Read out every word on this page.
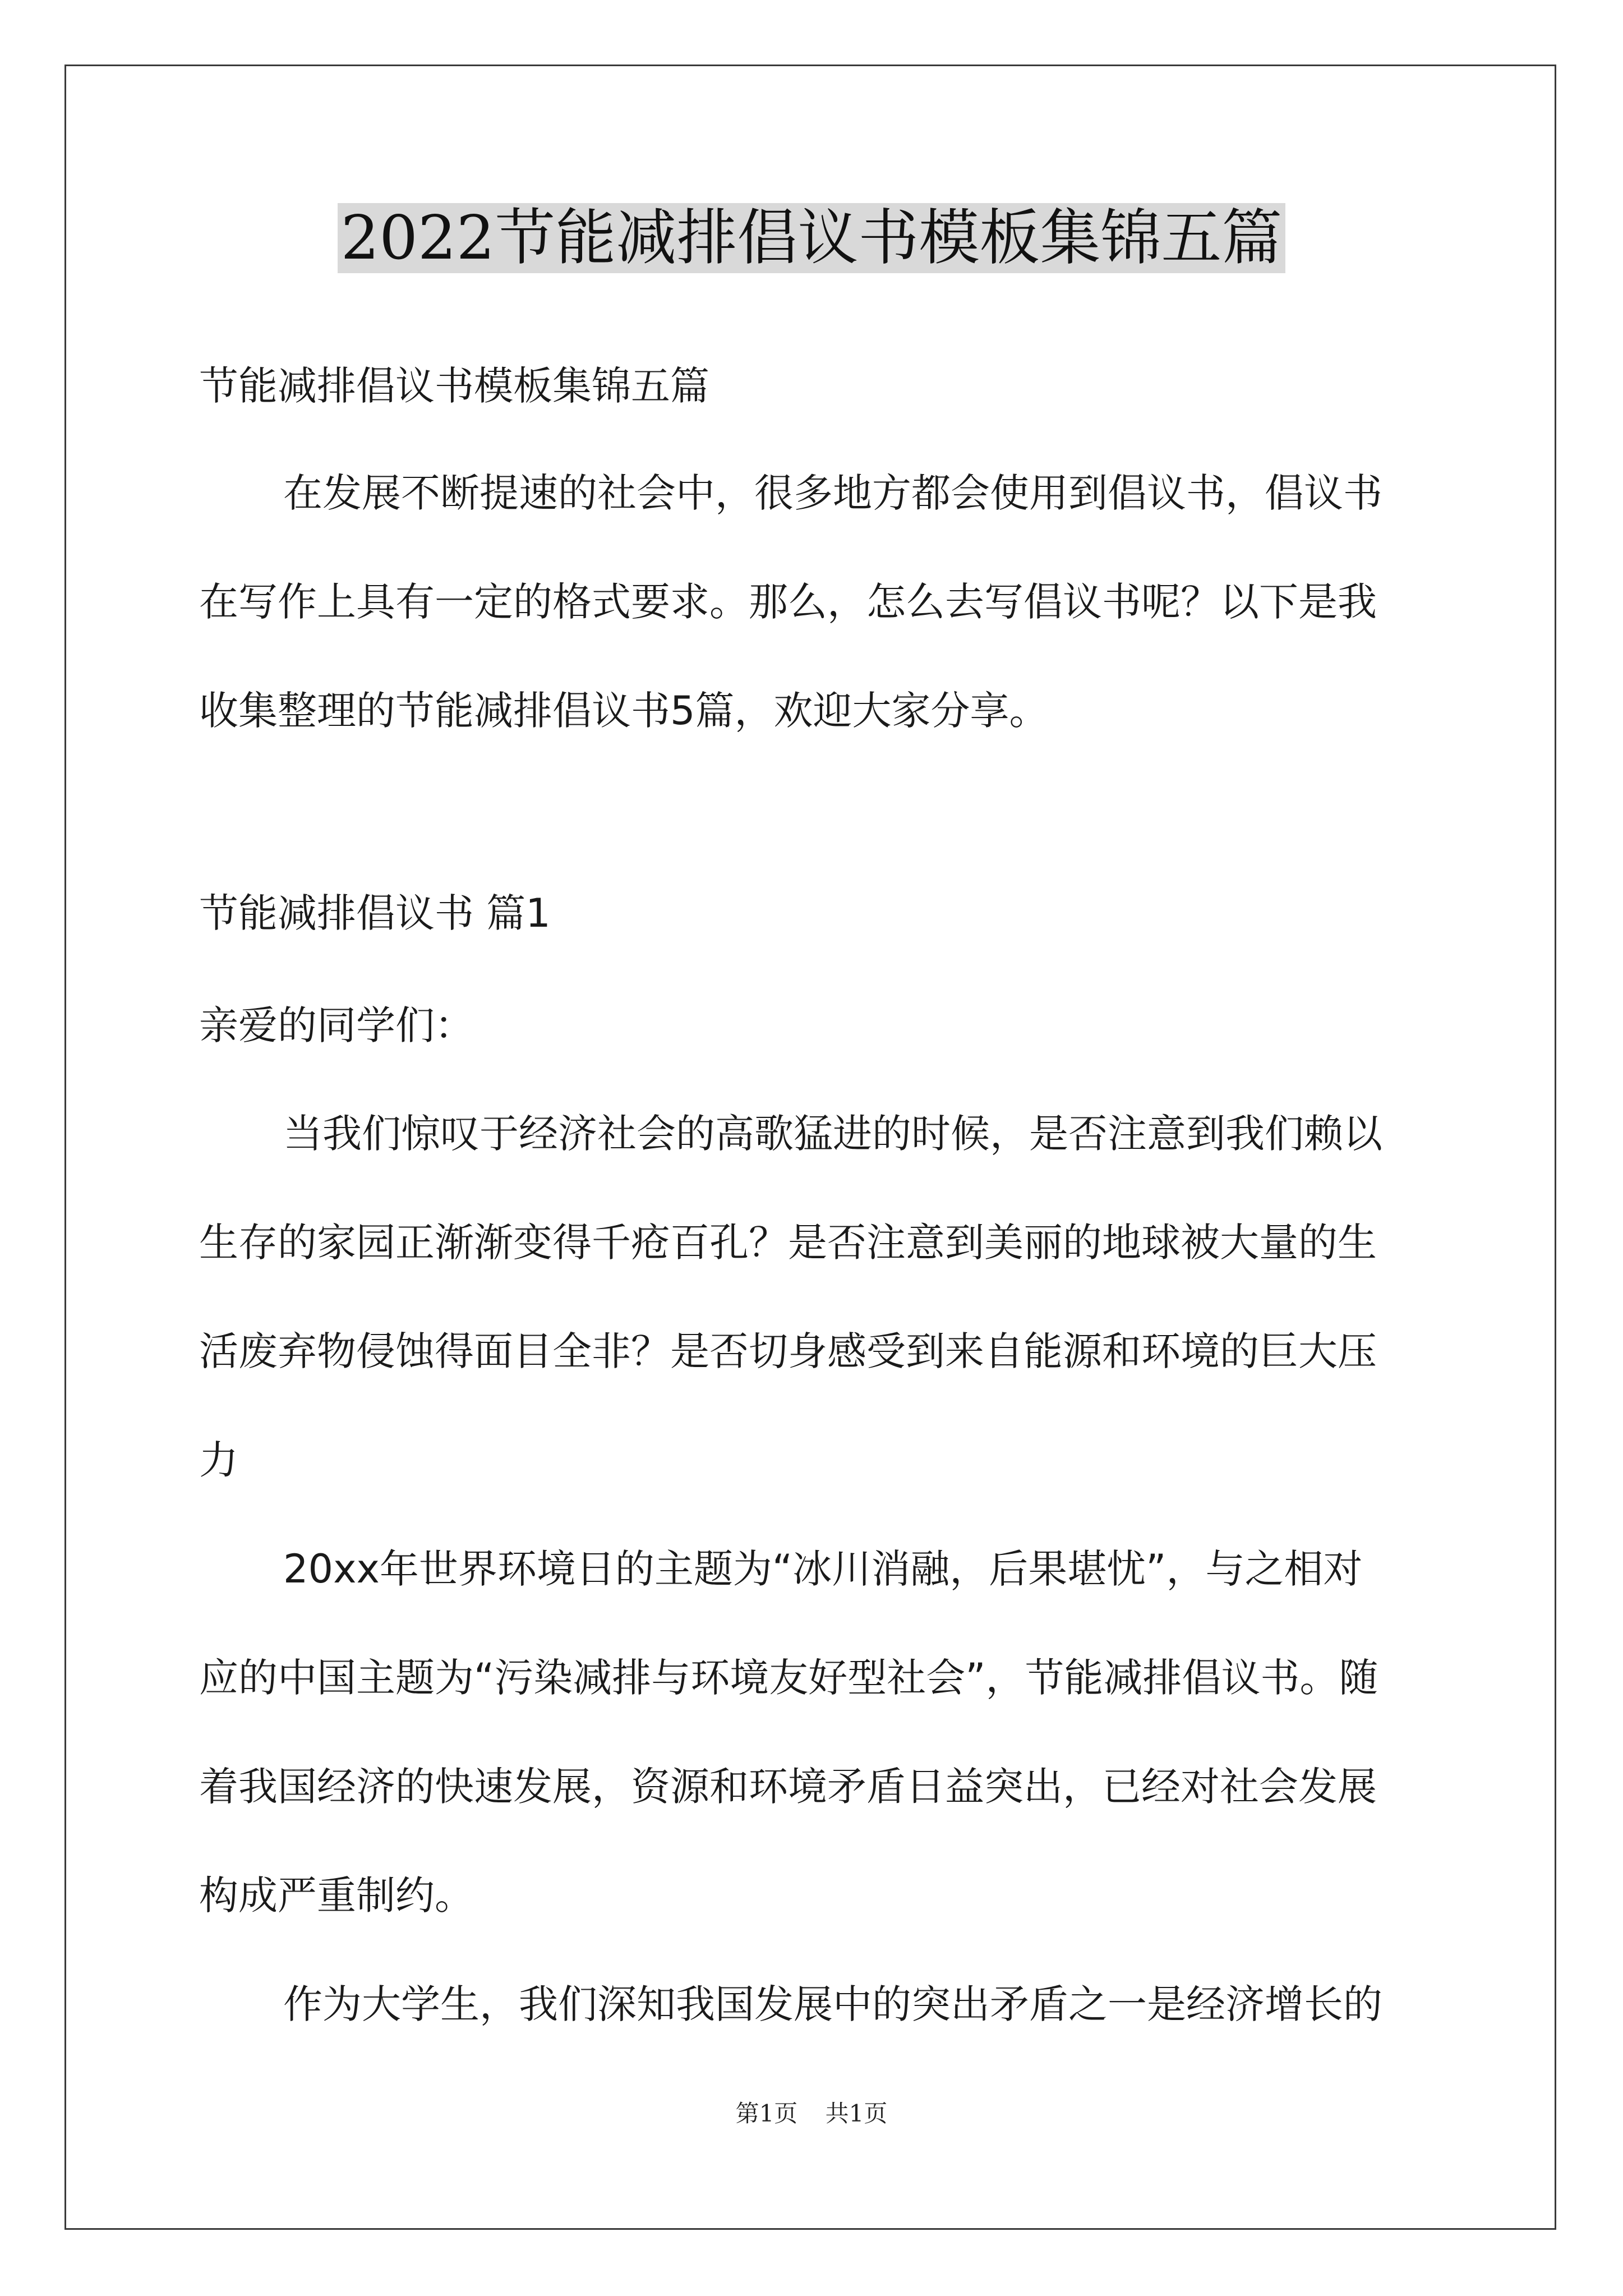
2022节能减排倡议书模板集锦五篇
节能减排倡议书模板集锦五篇
在发展不断提速的社会中，很多地方都会使用到倡议书，倡议书
在写作上具有一定的格式要求。那么，怎么去写倡议书呢？以下是我
收集整理的节能减排倡议书5篇，欢迎大家分享。
节能减排倡议书 篇1
亲爱的同学们：
当我们惊叹于经济社会的高歌猛进的时候，是否注意到我们赖以
生存的家园正渐渐变得千疮百孔？是否注意到美丽的地球被大量的生
活废弃物侵蚀得面目全非？是否切身感受到来自能源和环境的巨大压
力
20xx年世界环境日的主题为“冰川消融，后果堪忧”，与之相对
应的中国主题为“污染减排与环境友好型社会”，节能减排倡议书。随
着我国经济的快速发展，资源和环境矛盾日益突出，已经对社会发展
构成严重制约。
作为大学生，我们深知我国发展中的突出矛盾之一是经济增长的
第1页 共1页
